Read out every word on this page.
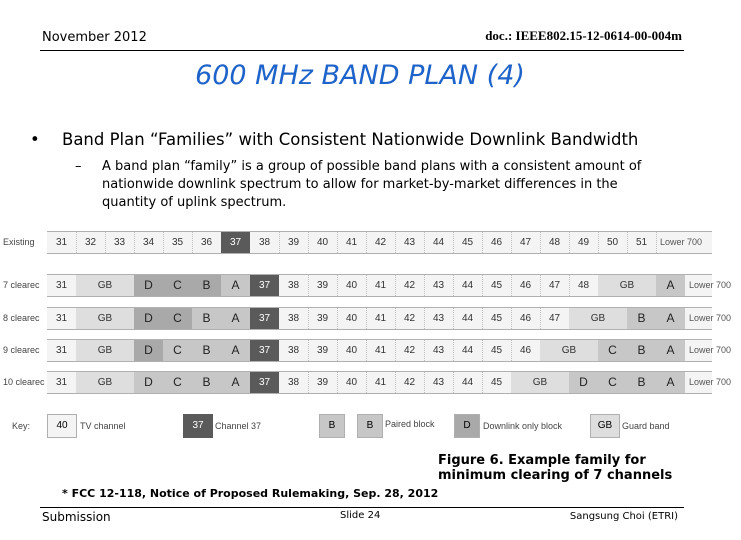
November 2012	doc.: IEEE802.15-12-0614-00-004m
600 MHz BAND PLAN (4)
• Band Plan “Families” with Consistent Nationwide Downlink Bandwidth
– A band plan “family” is a group of possible band plans with a consistent amount of nationwide downlink spectrum to allow for market-by-market differences in the quantity of uplink spectrum.
Existing	31	32	33	34	35	36	37	38	39	40	41	42	43	44	45	46	47	48	49	50	51	Lower 700
7 clearec	31	GB	D	C	B	A	37	38	39	40	41	42	43	44	45	46	47	48	GB	A	Lower 700
8 clearec	31	GB	D	C	B	A	37	38	39	40	41	42	43	44	45	46	47	GB	B	A	Lower 700
9 clearec	31	GB	D	C	B	A	37	38	39	40	41	42	43	44	45	46	GB	C	B	A	Lower 700
10 clearec	31	GB	D	C	B	A	37	38	39	40	41	42	43	44	45	GB	D	C	B	A	Lower 700
Key:	40	TV channel	37	Channel 37	B	B	Paired block	D	Downlink only block	GB	Guard band
Figure 6. Example family for minimum clearing of 7 channels
* FCC 12-118, Notice of Proposed Rulemaking, Sep. 28, 2012
Submission	Slide 24	Sangsung Choi (ETRI)
